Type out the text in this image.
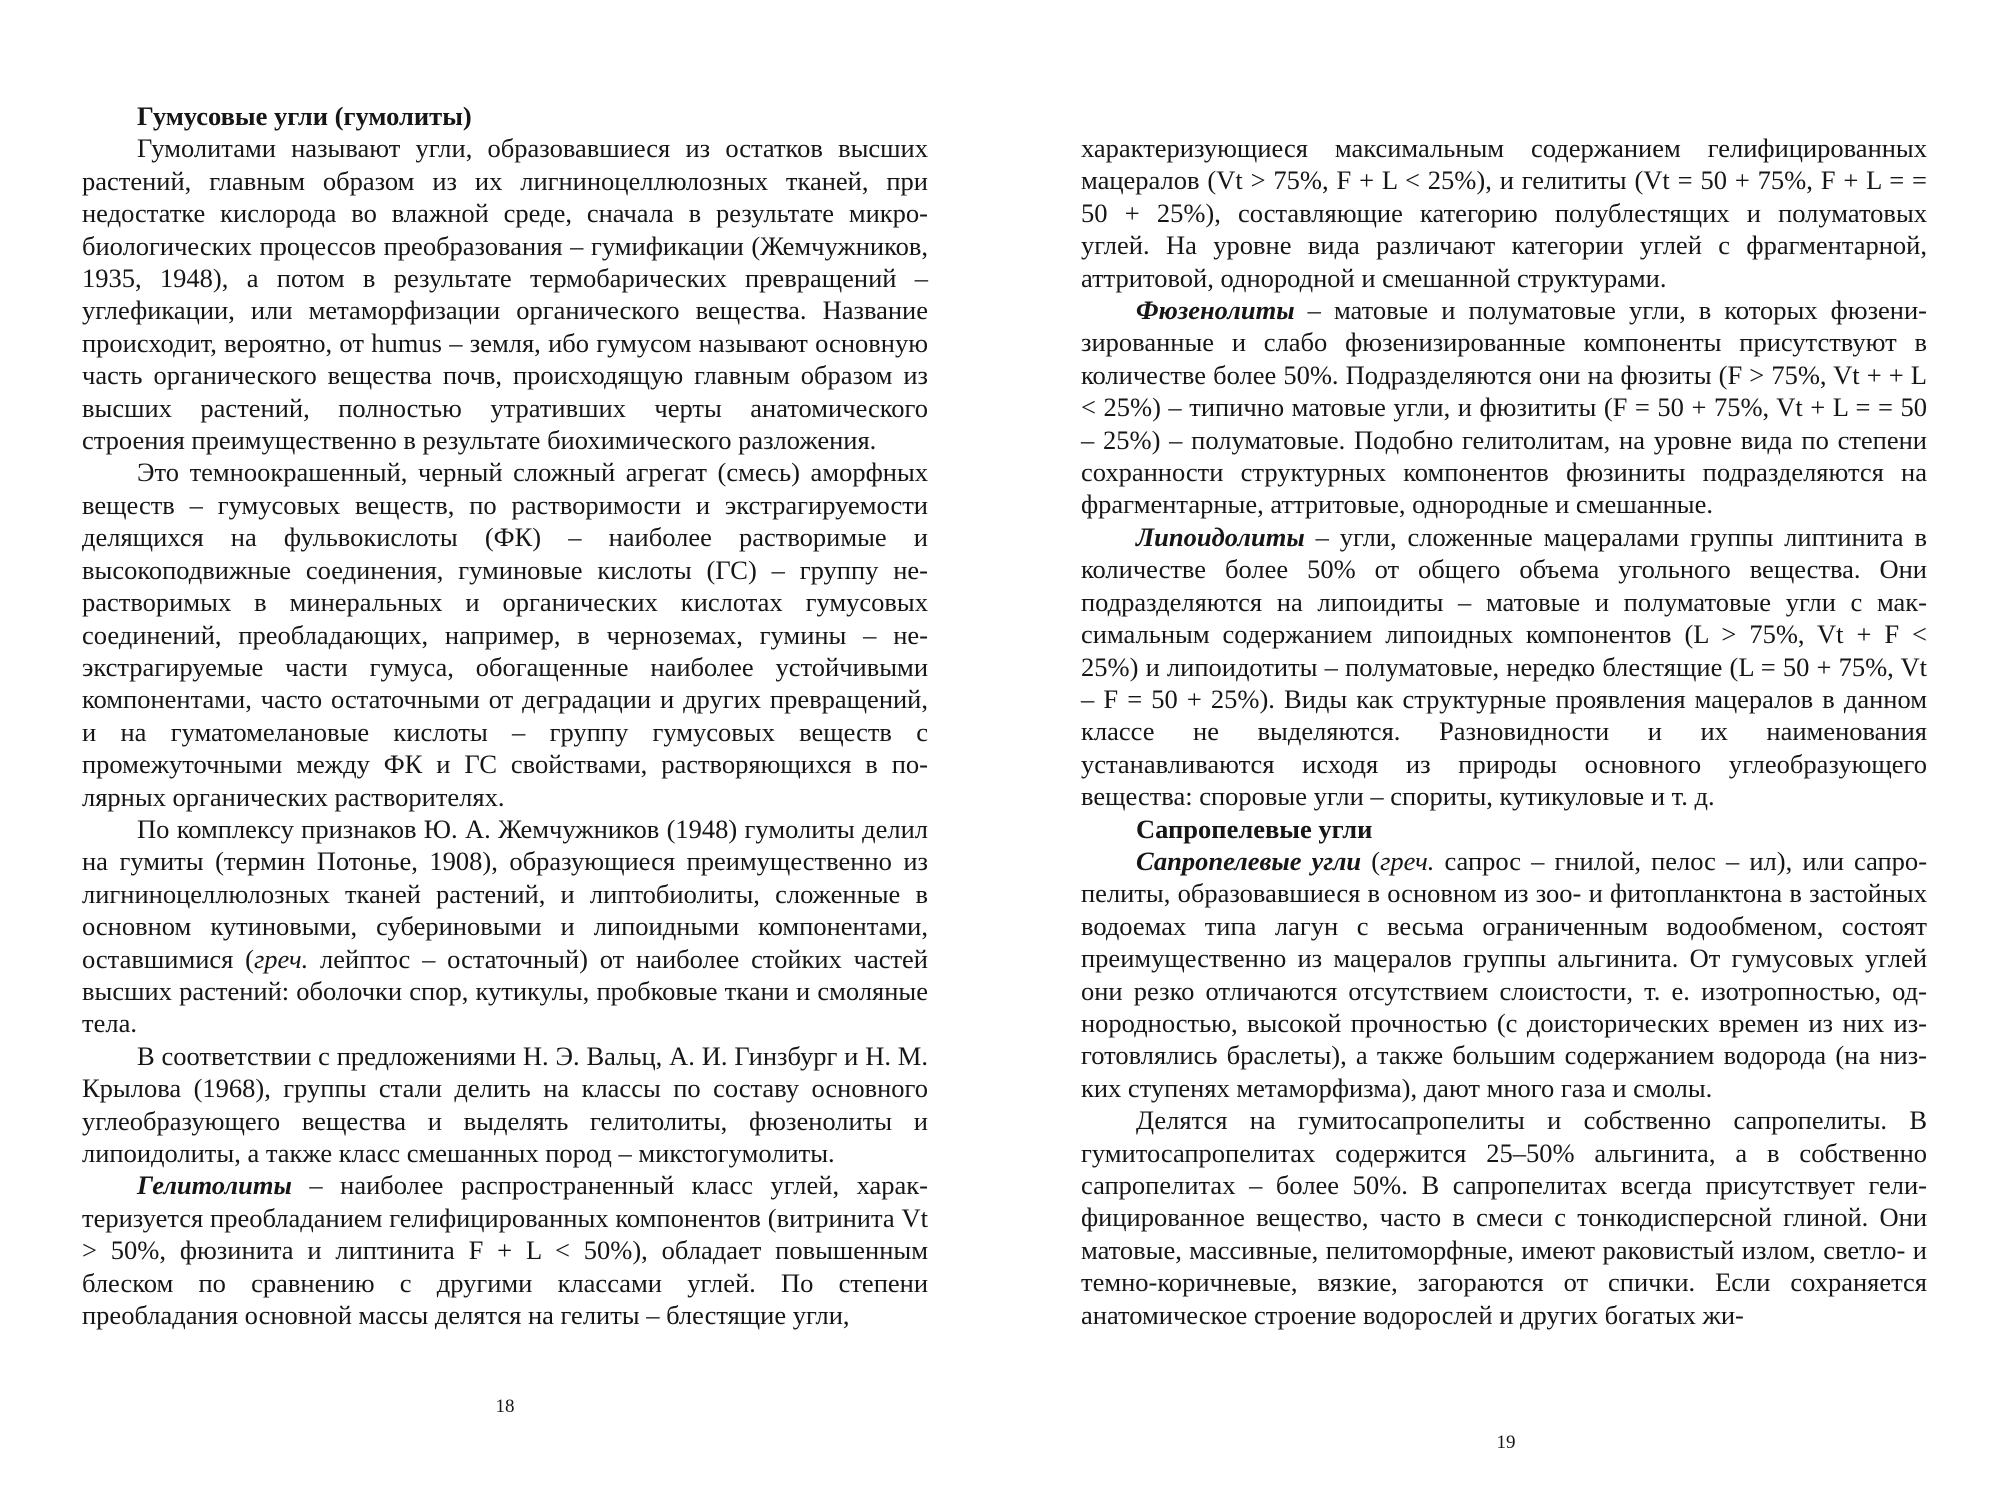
Гумусовые угли (гумолиты)

Гумолитами называют угли, образовавшиеся из остатков высших растений, главным образом из их лигниноцеллюлозных тканей, при недостатке кислорода во влажной среде, сначала в результате микробиологических процессов преобразования – гумификации (Жемчужников, 1935, 1948), а потом в результате термобарических превращений – углефикации, или метаморфизации органического вещества. Название происходит, вероятно, от humus – земля, ибо гумусом называют основную часть органического вещества почв, происходящую главным образом из высших растений, полностью утративших черты анатомического строения преимущественно в результате биохимического разложения.

Это темноокрашенный, черный сложный агрегат (смесь) аморфных веществ – гумусовых веществ, по растворимости и экстрагируемости делящихся на фульвокислоты (ФК) – наиболее растворимые и высокоподвижные соединения, гуминовые кислоты (ГС) – группу нерастворимых в минеральных и органических кислотах гумусовых соединений, преобладающих, например, в черноземах, гумины – неэкстрагируемые части гумуса, обогащенные наиболее устойчивыми компонентами, часто остаточными от деградации и других превращений, и на гуматомелановые кислоты – группу гумусовых веществ с промежуточными между ФК и ГС свойствами, растворяющихся в полярных органических растворителях.

По комплексу признаков Ю. А. Жемчужников (1948) гумолиты делил на гумиты (термин Потонье, 1908), образующиеся преимущественно из лигниноцеллюлозных тканей растений, и липтобиолиты, сложенные в основном кутиновыми, субериновыми и липоидными компонентами, оставшимися (греч. лейптос – остаточный) от наиболее стойких частей высших растений: оболочки спор, кутикулы, пробковые ткани и смоляные тела.

В соответствии с предложениями Н. Э. Вальц, А. И. Гинзбург и Н. М. Крылова (1968), группы стали делить на классы по составу основного углеобразующего вещества и выделять гелитолиты, фюзенолиты и липоидолиты, а также класс смешанных пород – микстогумолиты.

Гелитолиты – наиболее распространенный класс углей, характеризуется преобладанием гелифицированных компонентов (витринита Vt > 50%, фюзинита и липтинита F + L < 50%), обладает повышенным блеском по сравнению с другими классами углей. По степени преобладания основной массы делятся на гелиты – блестящие угли,

18

характеризующиеся максимальным содержанием гелифицированных мацералов (Vt > 75%, F + L < 25%), и гелититы (Vt = 50 + 75%, F + L = = 50 + 25%), составляющие категорию полублестящих и полуматовых углей. На уровне вида различают категории углей с фрагментарной, аттритовой, однородной и смешанной структурами.

Фюзенолиты – матовые и полуматовые угли, в которых фюзенизированные и слабо фюзенизированные компоненты присутствуют в количестве более 50%. Подразделяются они на фюзиты (F > 75%, Vt + + L < 25%) – типично матовые угли, и фюзититы (F = 50 + 75%, Vt + L = = 50 – 25%) – полуматовые. Подобно гелитолитам, на уровне вида по степени сохранности структурных компонентов фюзиниты подразделяются на фрагментарные, аттритовые, однородные и смешанные.

Липоидолиты – угли, сложенные мацералами группы липтинита в количестве более 50% от общего объема угольного вещества. Они подразделяются на липоидиты – матовые и полуматовые угли с максимальным содержанием липоидных компонентов (L > 75%, Vt + F < 25%) и липоидотиты – полуматовые, нередко блестящие (L = 50 + 75%, Vt – F = 50 + 25%). Виды как структурные проявления мацералов в данном классе не выделяются. Разновидности и их наименования устанавливаются исходя из природы основного углеобразующего вещества: споровые угли – спориты, кутикуловые и т. д.

Сапропелевые угли

Сапропелевые угли (греч. сапрос – гнилой, пелос – ил), или сапропелиты, образовавшиеся в основном из зоо- и фитопланктона в застойных водоемах типа лагун с весьма ограниченным водообменом, состоят преимущественно из мацералов группы альгинита. От гумусовых углей они резко отличаются отсутствием слоистости, т. е. изотропностью, однородностью, высокой прочностью (с доисторических времен из них изготовлялись браслеты), а также большим содержанием водорода (на низких ступенях метаморфизма), дают много газа и смолы.

Делятся на гумитосапропелиты и собственно сапропелиты. В гумитосапропелитах содержится 25–50% альгинита, а в собственно сапропелитах – более 50%. В сапропелитах всегда присутствует гелифицированное вещество, часто в смеси с тонкодисперсной глиной. Они матовые, массивные, пелитоморфные, имеют раковистый излом, светло- и темно-коричневые, вязкие, загораются от спички. Если сохраняется анатомическое строение водорослей и других богатых жи-

19
